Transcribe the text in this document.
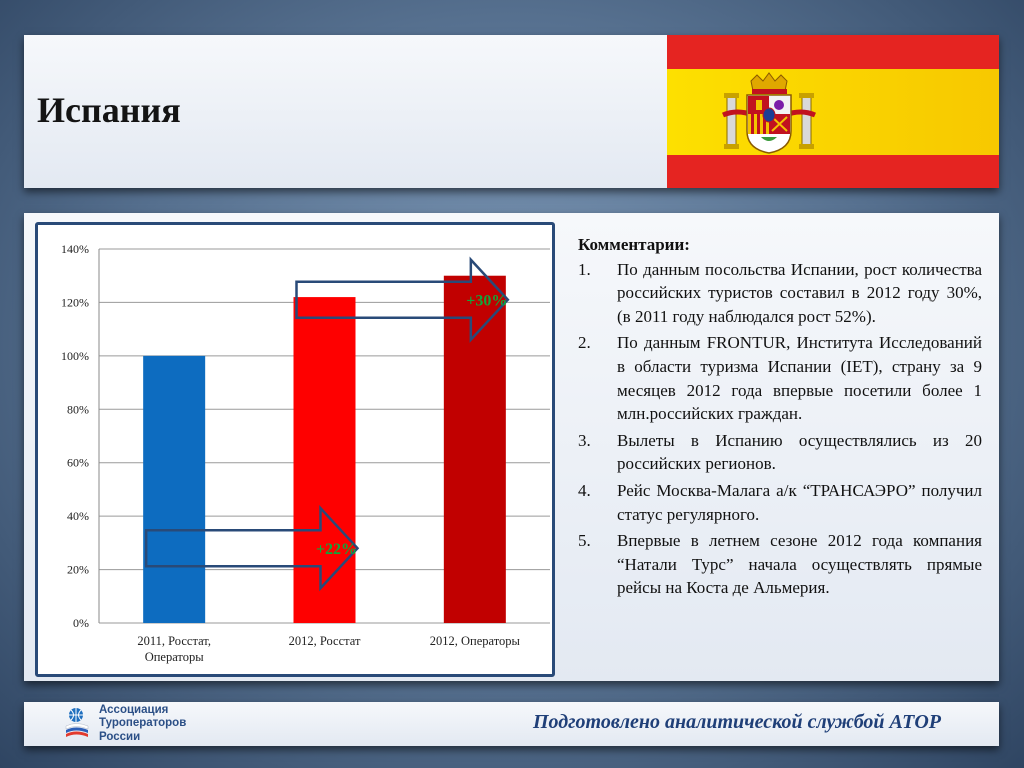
Испания
0%
20%
40%
60%
80%
100%
120%
140%
2011, Росстат,
Операторы
2012, Росстат	2012, Операторы
+22%
+30%
Комментарии:
1.	По данным посольства Испании, рост количества российских туристов составил в 2012 году 30%, (в 2011 году наблюдался рост 52%).
2.	По данным FRONTUR, Института Исследований в области туризма Испании (IET), страну за 9 месяцев 2012 года впервые посетили более 1 млн.российских граждан.
3.	Вылеты в Испанию осуществлялись из 20 российских регионов.
4.	Рейс Москва-Малага а/к “ТРАНСАЭРО” получил статус регулярного.
5.	Впервые в летнем сезоне 2012 года компания “Натали Турс” начала осуществлять прямые рейсы на Коста де Альмерия.
Ассоциация
Туроператоров
России
Подготовлено аналитической службой АТОР
